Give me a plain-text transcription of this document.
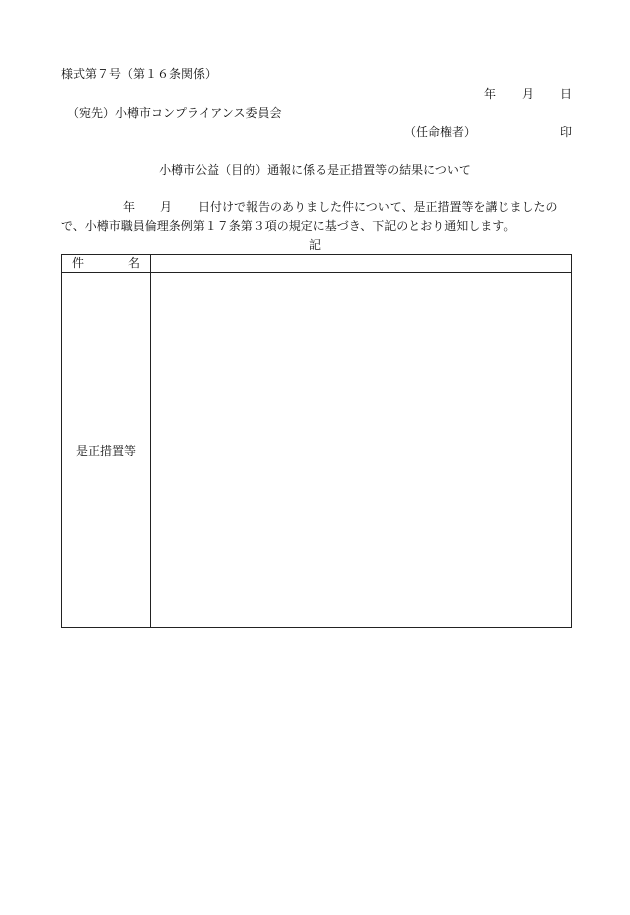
様式第７号（第１６条関係）
年 月 日
（宛先）小樽市コンプライアンス委員会
（任命権者）	印
小樽市公益（目的）通報に係る是正措置等の結果について
年 月 日付けで報告のありました件について、是正措置等を講じましたの
で、小樽市職員倫理条例第１７条第３項の規定に基づき、下記のとおり通知します。
記
件 名	

是正措置等	
